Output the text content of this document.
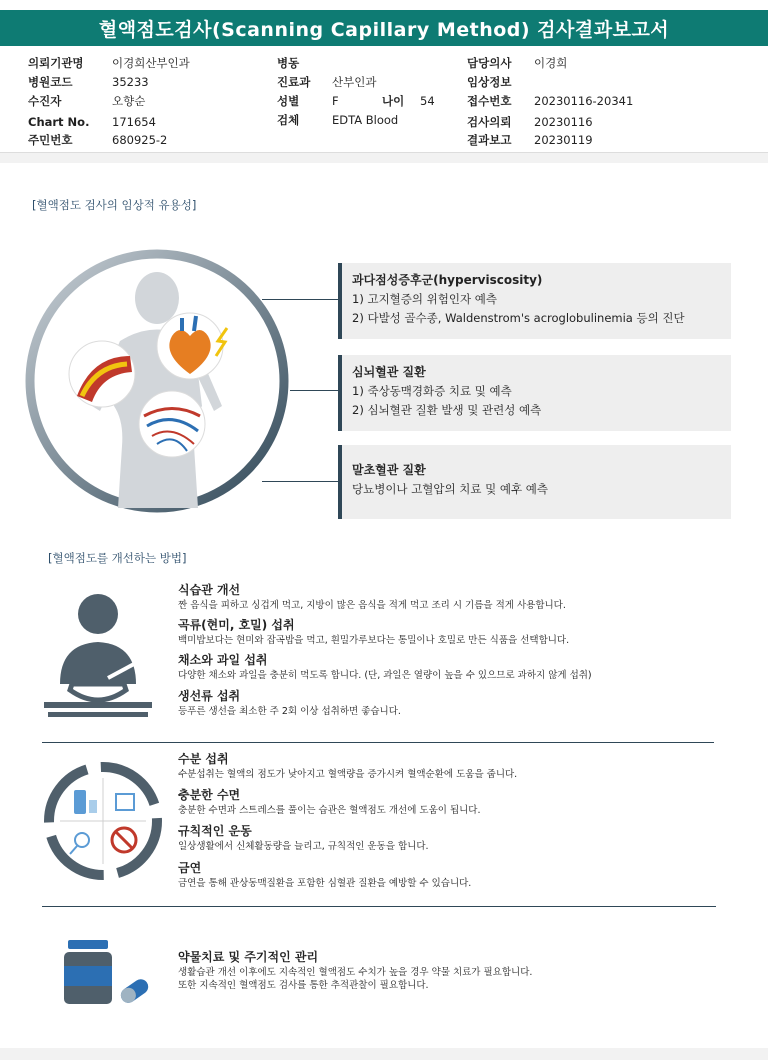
혈액점도검사(Scanning Capillary Method) 검사결과보고서
의뢰기관명 이경희산부인과
병원코드	35233
수진자	오향순
Chart No. 171654
주민번호	680925-2
병동
진료과 산부인과
성별	F	나이 54
검체	EDTA Blood
담당의사 이경희
임상정보
접수번호 20230116-20341
검사의뢰 20230116
결과보고 20230119
[혈액점도 검사의 임상적 유용성]
과다점성증후군(hyperviscosity)
1) 고지혈증의 위험인자 예측
2) 다발성 골수종, Waldenstrom's acroglobulinemia 등의 진단
심뇌혈관 질환
1) 죽상동맥경화증 치료 및 예측
2) 심뇌혈관 질환 발생 및 관련성 예측
말초혈관 질환
당뇨병이나 고혈압의 치료 및 예후 예측
[혈액점도를 개선하는 방법]
식습관 개선
짠 음식을 피하고 싱겁게 먹고, 지방이 많은 음식을 적게 먹고 조리 시 기름을 적게 사용합니다.
곡류(현미, 호밀) 섭취
백미밥보다는 현미와 잡곡밥을 먹고, 흰밀가루보다는 통밀이나 호밀로 만든 식품을 선택합니다.
채소와 과일 섭취
다양한 채소와 과일을 충분히 먹도록 합니다. (단, 과일은 열량이 높을 수 있으므로 과하지 않게 섭취)
생선류 섭취
등푸른 생선을 최소한 주 2회 이상 섭취하면 좋습니다.
수분 섭취
수분섭취는 혈액의 점도가 낮아지고 혈액량을 증가시켜 혈액순환에 도움을 줍니다.
충분한 수면
충분한 수면과 스트레스를 풀이는 습관은 혈액점도 개선에 도움이 됩니다.
규칙적인 운동
일상생활에서 신체활동량을 늘리고, 규칙적인 운동을 합니다.
금연
금연을 통해 관상동맥질환을 포함한 심혈관 질환을 예방할 수 있습니다.
약물치료 및 주기적인 관리
생활습관 개선 이후에도 지속적인 혈액점도 수치가 높을 경우 약물 치료가 필요합니다.
또한 지속적인 혈액점도 검사를 통한 추적관찰이 필요합니다.
